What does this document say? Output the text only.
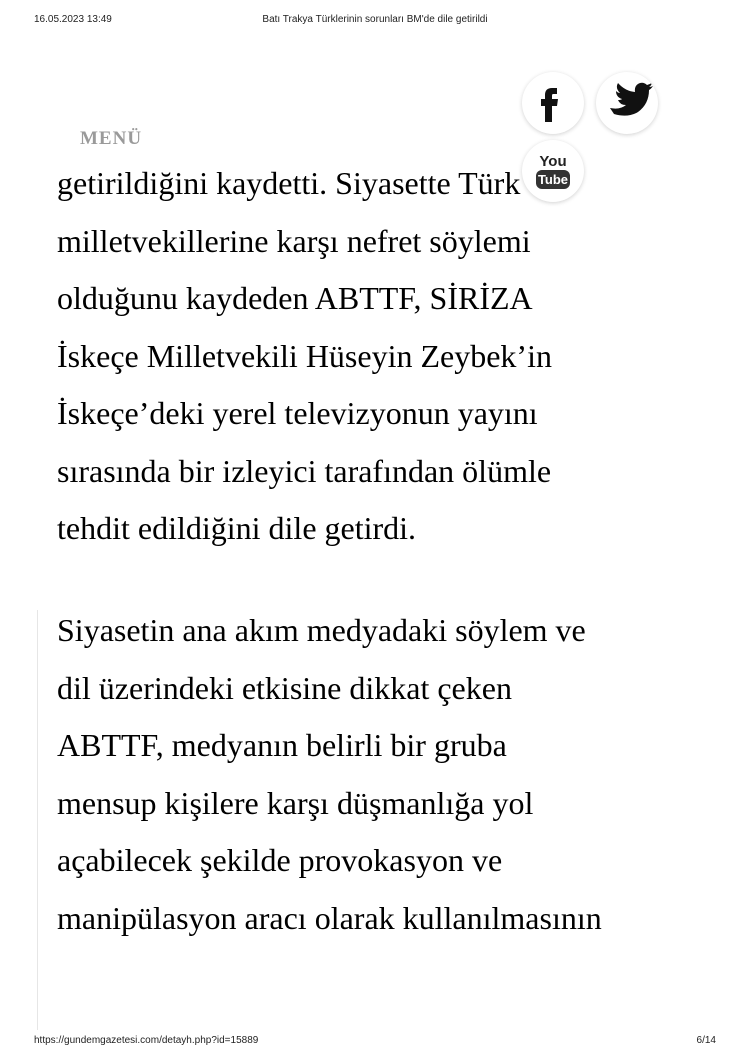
16.05.2023 13:49	Batı Trakya Türklerinin sorunları BM'de dile getirildi
MENÜ
You
Tube
getirildiğini kaydetti. Siyasette Türk
milletvekillerine karşı nefret söylemi
olduğunu kaydeden ABTTF, SİRİZA
İskeçe Milletvekili Hüseyin Zeybek’in
İskeçe’deki yerel televizyonun yayını
sırasında bir izleyici tarafından ölümle
tehdit edildiğini dile getirdi.
Siyasetin ana akım medyadaki söylem ve
dil üzerindeki etkisine dikkat çeken
ABTTF, medyanın belirli bir gruba
mensup kişilere karşı düşmanlığa yol
açabilecek şekilde provokasyon ve
manipülasyon aracı olarak kullanılmasının
https://gundemgazetesi.com/detayh.php?id=15889	6/14
